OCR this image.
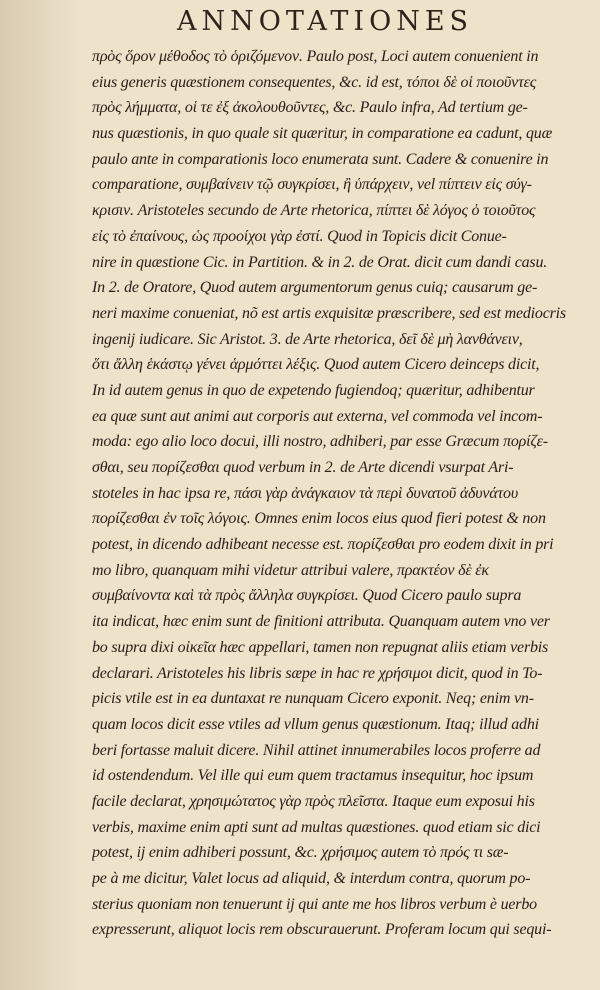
ANNOTATIONES
πρὸς ὅρον μέθοδος τὸ ὁριζόμενον. Paulo post, Loci autem conuenient in
eius generis quæstionem consequentes, &c. id est, τόποι δὲ οἱ ποιοῦντες
πρὸς λήμματα, οἱ τε ἐξ ἀκολουθοῦντες, &c. Paulo infra, Ad tertium ge-
nus quæstionis, in quo quale sit quæritur, in comparatione ea cadunt, quæ
paulo ante in comparationis loco enumerata sunt. Cadere & conuenire in
comparatione, συμβαίνειν τῷ συγκρίσει, ἢ ὑπάρχειν, vel πίπτειν εἰς σύγ-
κρισιν. Aristoteles secundo de Arte rhetorica, πίπτει δὲ λόγος ὁ τοιοῦτος
εἰς τὸ ἐπαίνους, ὡς προοίχοι γὰρ ἐστί. Quod in Topicis dicit Conue-
nire in quæstione Cic. in Partition. & in 2. de Orat. dicit cum dandi casu.
In 2. de Oratore, Quod autem argumentorum genus cuiq; causarum ge-
neri maxime conueniat, nõ est artis exquisitæ præscribere, sed est mediocris
ingenij iudicare. Sic Aristot. 3. de Arte rhetorica, δεῖ δὲ μὴ λανθάνειν,
ὅτι ἄλλη ἑκάστῳ γένει ἁρμόττει λέξις. Quod autem Cicero deinceps dicit,
In id autem genus in quo de expetendo fugiendoq; quæritur, adhibentur
ea quæ sunt aut animi aut corporis aut externa, vel commoda vel incom-
moda: ego alio loco docui, illi nostro, adhiberi, par esse Græcum πορίζε-
σθαι, seu πορίζεσθαι quod verbum in 2. de Arte dicendi vsurpat Ari-
stoteles in hac ipsa re, πάσι γὰρ ἀνάγκαιον τὰ περὶ δυνατοῦ ἀδυνάτου
πορίζεσθαι ἐν τοῖς λόγοις. Omnes enim locos eius quod fieri potest & non
potest, in dicendo adhibeant necesse est. πορίζεσθαι pro eodem dixit in pri
mo libro, quanquam mihi videtur attribui valere, πρακτέον δὲ ἐκ
συμβαίνοντα καὶ τὰ πρὸς ἄλληλα συγκρίσει. Quod Cicero paulo supra
ita indicat, hæc enim sunt de finitioni attributa. Quanquam autem vno ver
bo supra dixi οἰκεῖα hæc appellari, tamen non repugnat aliis etiam verbis
declarari. Aristoteles his libris sæpe in hac re χρήσιμοι dicit, quod in To-
picis vtile est in ea duntaxat re nunquam Cicero exponit. Neq; enim vn-
quam locos dicit esse vtiles ad vllum genus quæstionum. Itaq; illud adhi
beri fortasse maluit dicere. Nihil attinet innumerabiles locos proferre ad
id ostendendum. Vel ille qui eum quem tractamus insequitur, hoc ipsum
facile declarat, χρησιμώτατος γὰρ πρὸς πλεῖστα. Itaque eum exposui his
verbis, maxime enim apti sunt ad multas quæstiones. quod etiam sic dici
potest, ij enim adhiberi possunt, &c. χρήσιμος autem τὸ πρός τι sæ-
pe à me dicitur, Valet locus ad aliquid, & interdum contra, quorum po-
sterius quoniam non tenuerunt ij qui ante me hos libros verbum è uerbo
expresserunt, aliquot locis rem obscurauerunt. Proferam locum qui sequi-
